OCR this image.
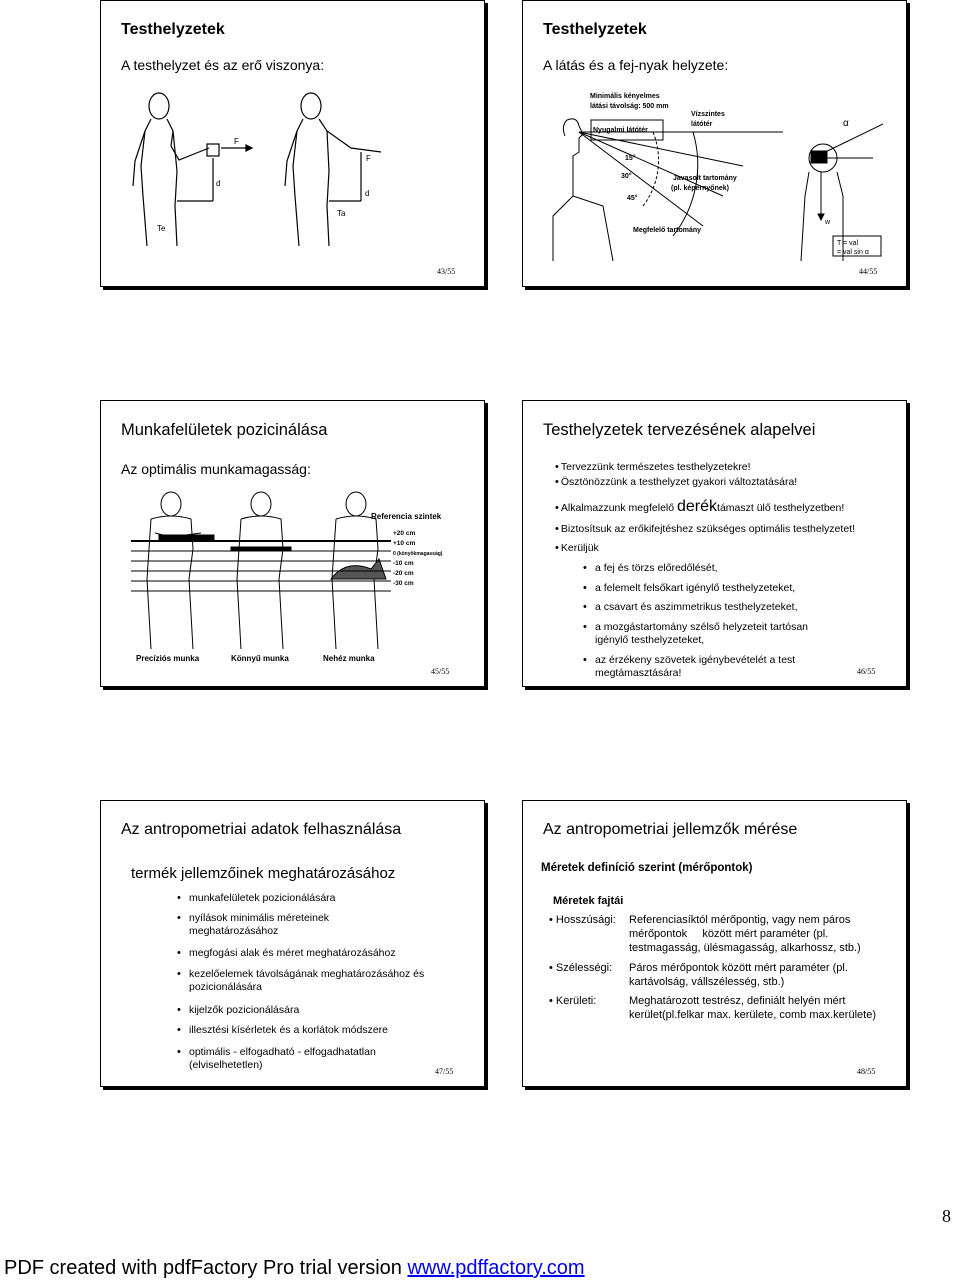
Testhelyzetek
A testhelyzet és az erő viszonya:
F
d
Te
F
d
Ta
43/55
Testhelyzetek
A látás és a fej-nyak helyzete:
Minimális kényelmes
látási távolság: 500 mm
Nyugalmi látótér
Vízszintes
látótér
15°
30°
45°
Javasolt tartomány
(pl. képernyőnek)
Megfelelő tartomány
α
w
T = val
= val sin α
44/55
Munkafelületek pozicinálása
Az optimális munkamagasság:
Referencia szintek
+20 cm
+10 cm
0 (könyökmagasság)
-10 cm
-20 cm
-30 cm
Precíziós munka	Könnyű munka	Nehéz munka
45/55
Testhelyzetek tervezésének alapelvei
• Tervezzünk természetes testhelyzetekre!
• Ösztönözzünk a testhelyzet gyakori változtatására!
• Alkalmazzunk megfelelő deréktámaszt ülő testhelyzetben!
• Biztosítsuk az erőkifejtéshez szükséges optimális testhelyzetet!
• Kerüljük
• a fej és törzs előredőlését,
• a felemelt felsőkart igénylő testhelyzeteket,
• a csavart és aszimmetrikus testhelyzeteket,
• a mozgástartomány szélső helyzeteit tartósan igénylő testhelyzeteket,
• az érzékeny szövetek igénybevételét a test megtámasztására!	46/55
Az antropometriai adatok felhasználása
termék jellemzőinek meghatározásához
• munkafelületek pozicionálására
• nyílások minimális méreteinek meghatározásához
• megfogási alak és méret meghatározásához
• kezelőelemek távolságának meghatározásához és pozicionálására
• kijelzők pozicionálására
• illesztési kísérletek és a korlátok módszere
• optimális - elfogadható - elfogadhatatlan (elviselhetetlen)
47/55
Az antropometriai jellemzők mérése
Méretek definíció szerint (mérőpontok)
Méretek fajtái
• Hosszúsági: Referenciasíktól mérőpontig, vagy nem páros
mérőpontok     között mért paraméter (pl.
testmagasság, ülésmagasság, alkarhossz, stb.)
• Szélességi: Páros mérőpontok között mért paraméter (pl.
kartávolság, vállszélesség, stb.)
• Kerületi:	Meghatározott testrész, definiált helyén mért
kerület(pl.felkar max. kerülete, comb max.kerülete)
48/55
8
PDF created with pdfFactory Pro trial version www.pdffactory.com
